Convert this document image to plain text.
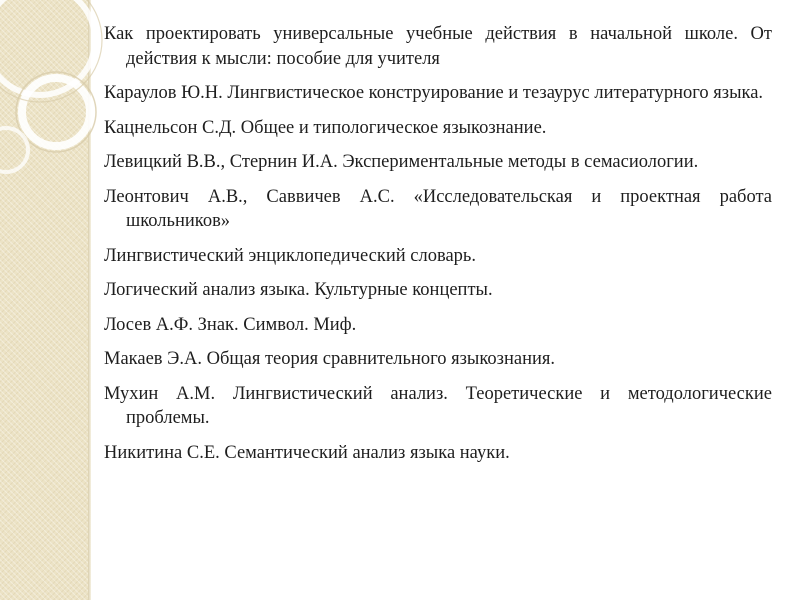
Как проектировать универсальные учебные действия в начальной школе. От действия к мысли: пособие для учителя

Караулов Ю.Н. Лингвистическое конструирование и тезаурус литературного языка.

Кацнельсон С.Д. Общее и типологическое языкознание.

Левицкий В.В., Стернин И.А. Экспериментальные методы в семасиологии.

Леонтович А.В., Саввичев А.С. «Исследовательская и проектная работа школьников»

Лингвистический энциклопедический словарь.

Логический анализ языка. Культурные концепты.

Лосев А.Ф. Знак. Символ. Миф.

Макаев Э.А. Общая теория сравнительного языкознания.

Мухин А.М. Лингвистический анализ. Теоретические и методологические проблемы.

Никитина С.Е. Семантический анализ языка науки.
